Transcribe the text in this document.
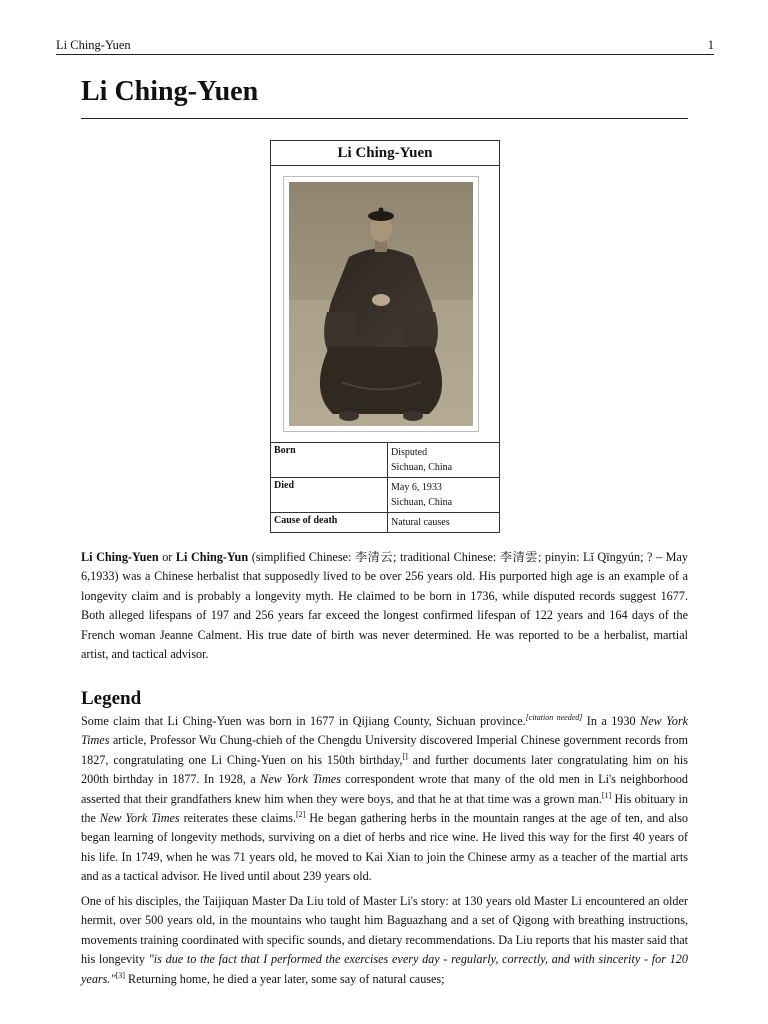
Li Ching-Yuen	1
Li Ching-Yuen
Li Ching-Yuen
Born	Disputed
Sichuan, China
Died	May 6, 1933
Sichuan, China
Cause of death	Natural causes

Li Ching-Yuen or Li Ching-Yun (simplified Chinese: 李清云; traditional Chinese: 李清雲; pinyin: Lǐ Qīngyún; ? – May 6,1933) was a Chinese herbalist that supposedly lived to be over 256 years old. His purported high age is an example of a longevity claim and is probably a longevity myth. He claimed to be born in 1736, while disputed records suggest 1677. Both alleged lifespans of 197 and 256 years far exceed the longest confirmed lifespan of 122 years and 164 days of the French woman Jeanne Calment. His true date of birth was never determined. He was reported to be a herbalist, martial artist, and tactical advisor.

Legend

Some claim that Li Ching-Yuen was born in 1677 in Qijiang County, Sichuan province.[citation needed] In a 1930 New York Times article, Professor Wu Chung-chieh of the Chengdu University discovered Imperial Chinese government records from 1827, congratulating one Li Ching-Yuen on his 150th birthday,[] and further documents later congratulating him on his 200th birthday in 1877. In 1928, a New York Times correspondent wrote that many of the old men in Li's neighborhood asserted that their grandfathers knew him when they were boys, and that he at that time was a grown man.[1] His obituary in the New York Times reiterates these claims.[2] He began gathering herbs in the mountain ranges at the age of ten, and also began learning of longevity methods, surviving on a diet of herbs and rice wine. He lived this way for the first 40 years of his life. In 1749, when he was 71 years old, he moved to Kai Xian to join the Chinese army as a teacher of the martial arts and as a tactical advisor. He lived until about 239 years old.

One of his disciples, the Taijiquan Master Da Liu told of Master Li's story: at 130 years old Master Li encountered an older hermit, over 500 years old, in the mountains who taught him Baguazhang and a set of Qigong with breathing instructions, movements training coordinated with specific sounds, and dietary recommendations. Da Liu reports that his master said that his longevity "is due to the fact that I performed the exercises every day - regularly, correctly, and with sincerity - for 120 years."[3] Returning home, he died a year later, some say of natural causes;
